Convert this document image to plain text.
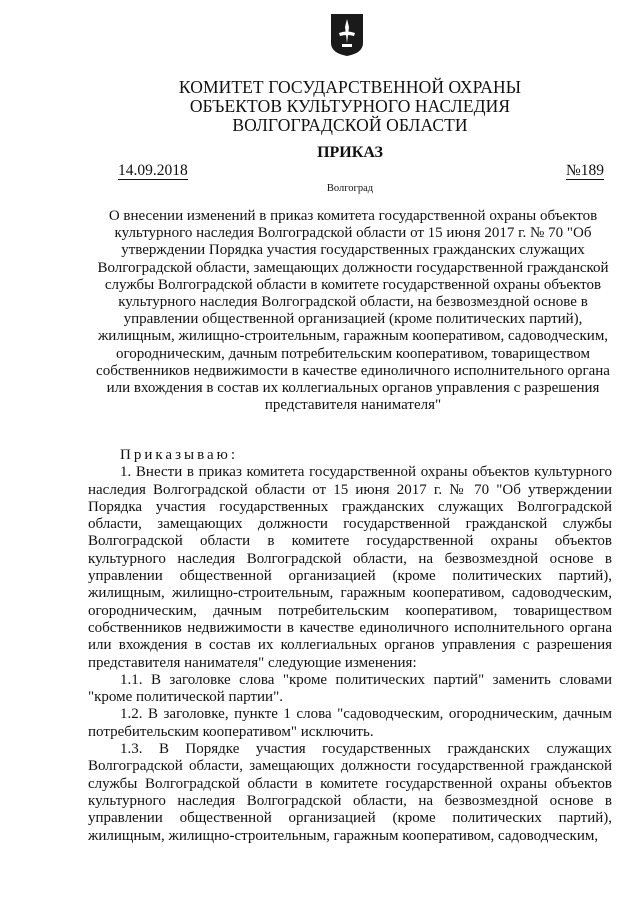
КОМИТЕТ ГОСУДАРСТВЕННОЙ ОХРАНЫ
ОБЪЕКТОВ КУЛЬТУРНОГО НАСЛЕДИЯ
ВОЛГОГРАДСКОЙ ОБЛАСТИ
ПРИКАЗ
14.09.2018	№189
Волгоград
О внесении изменений в приказ комитета государственной охраны объектов культурного наследия Волгоградской области от 15 июня 2017 г. № 70 "Об утверждении Порядка участия государственных гражданских служащих Волгоградской области, замещающих должности государственной гражданской службы Волгоградской области в комитете государственной охраны объектов культурного наследия Волгоградской области, на безвозмездной основе в управлении общественной организацией (кроме политических партий), жилищным, жилищно-строительным, гаражным кооперативом, садоводческим, огородническим, дачным потребительским кооперативом, товариществом собственников недвижимости в качестве единоличного исполнительного органа или вхождения в состав их коллегиальных органов управления с разрешения представителя нанимателя"

Приказываю:

1. Внести в приказ комитета государственной охраны объектов культурного наследия Волгоградской области от 15 июня 2017 г. № 70 "Об утверждении Порядка участия государственных гражданских служащих Волгоградской области, замещающих должности государственной гражданской службы Волгоградской области в комитете государственной охраны объектов культурного наследия Волгоградской области, на безвозмездной основе в управлении общественной организацией (кроме политических партий), жилищным, жилищно-строительным, гаражным кооперативом, садоводческим, огородническим, дачным потребительским кооперативом, товариществом собственников недвижимости в качестве единоличного исполнительного органа или вхождения в состав их коллегиальных органов управления с разрешения представителя нанимателя" следующие изменения:

1.1. В заголовке слова "кроме политических партий" заменить словами "кроме политической партии".

1.2. В заголовке, пункте 1 слова "садоводческим, огородническим, дачным потребительским кооперативом" исключить.

1.3. В Порядке участия государственных гражданских служащих Волгоградской области, замещающих должности государственной гражданской службы Волгоградской области в комитете государственной охраны объектов культурного наследия Волгоградской области, на безвозмездной основе в управлении общественной организацией (кроме политических партий), жилищным, жилищно-строительным, гаражным кооперативом, садоводческим,
